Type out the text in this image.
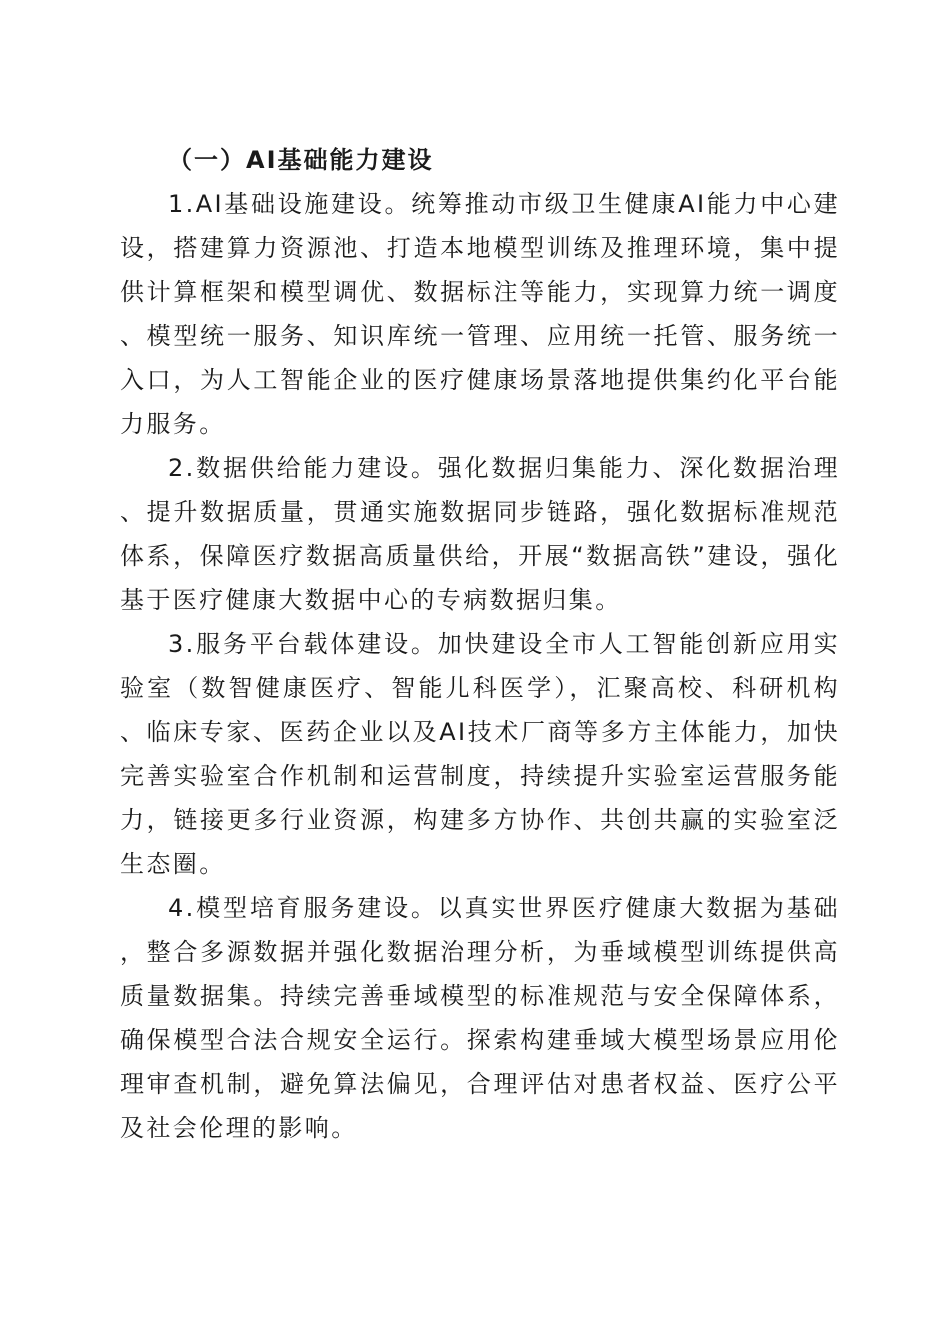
（一）AI基础能力建设

1.AI基础设施建设。统筹推动市级卫生健康AI能力中心建设，搭建算力资源池、打造本地模型训练及推理环境，集中提供计算框架和模型调优、数据标注等能力，实现算力统一调度、模型统一服务、知识库统一管理、应用统一托管、服务统一入口，为人工智能企业的医疗健康场景落地提供集约化平台能力服务。

2.数据供给能力建设。强化数据归集能力、深化数据治理、提升数据质量，贯通实施数据同步链路，强化数据标准规范体系，保障医疗数据高质量供给，开展“数据高铁”建设，强化基于医疗健康大数据中心的专病数据归集。

3.服务平台载体建设。加快建设全市人工智能创新应用实验室（数智健康医疗、智能儿科医学），汇聚高校、科研机构、临床专家、医药企业以及AI技术厂商等多方主体能力，加快完善实验室合作机制和运营制度，持续提升实验室运营服务能力，链接更多行业资源，构建多方协作、共创共赢的实验室泛生态圈。

4.模型培育服务建设。以真实世界医疗健康大数据为基础，整合多源数据并强化数据治理分析，为垂域模型训练提供高质量数据集。持续完善垂域模型的标准规范与安全保障体系，确保模型合法合规安全运行。探索构建垂域大模型场景应用伦理审查机制，避免算法偏见，合理评估对患者权益、医疗公平及社会伦理的影响。
